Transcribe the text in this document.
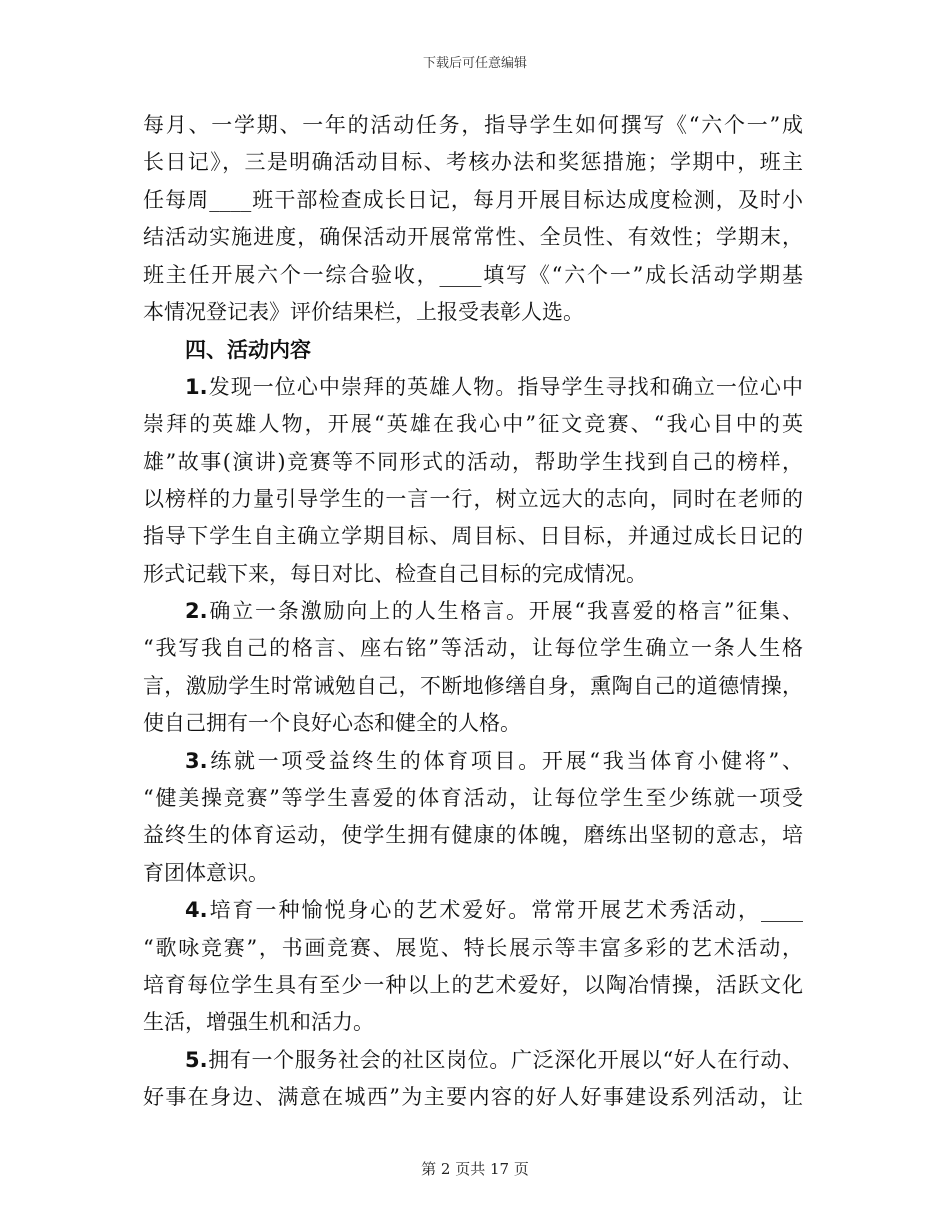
下载后可任意编辑
每月、一学期、一年的活动任务，指导学生如何撰写《“六个一”成
长日记》，三是明确活动目标、考核办法和奖惩措施；学期中，班主
任每周____班干部检查成长日记，每月开展目标达成度检测，及时小
结活动实施进度，确保活动开展常常性、全员性、有效性；学期末，
班主任开展六个一综合验收，____填写《“六个一”成长活动学期基
本情况登记表》评价结果栏，上报受表彰人选。
四、活动内容
1.发现一位心中崇拜的英雄人物。指导学生寻找和确立一位心中
崇拜的英雄人物，开展“英雄在我心中”征文竞赛、“我心目中的英
雄”故事(演讲)竞赛等不同形式的活动，帮助学生找到自己的榜样，
以榜样的力量引导学生的一言一行，树立远大的志向，同时在老师的
指导下学生自主确立学期目标、周目标、日目标，并通过成长日记的
形式记载下来，每日对比、检查自己目标的完成情况。
2.确立一条激励向上的人生格言。开展“我喜爱的格言”征集、
“我写我自己的格言、座右铭”等活动，让每位学生确立一条人生格
言，激励学生时常诫勉自己，不断地修缮自身，熏陶自己的道德情操，
使自己拥有一个良好心态和健全的人格。
3.练就一项受益终生的体育项目。开展“我当体育小健将”、
“健美操竞赛”等学生喜爱的体育活动，让每位学生至少练就一项受
益终生的体育运动，使学生拥有健康的体魄，磨练出坚韧的意志，培
育团体意识。
4.培育一种愉悦身心的艺术爱好。常常开展艺术秀活动，____
“歌咏竞赛”，书画竞赛、展览、特长展示等丰富多彩的艺术活动，
培育每位学生具有至少一种以上的艺术爱好，以陶冶情操，活跃文化
生活，增强生机和活力。
5.拥有一个服务社会的社区岗位。广泛深化开展以“好人在行动、
好事在身边、满意在城西”为主要内容的好人好事建设系列活动，让
第 2 页共 17 页
